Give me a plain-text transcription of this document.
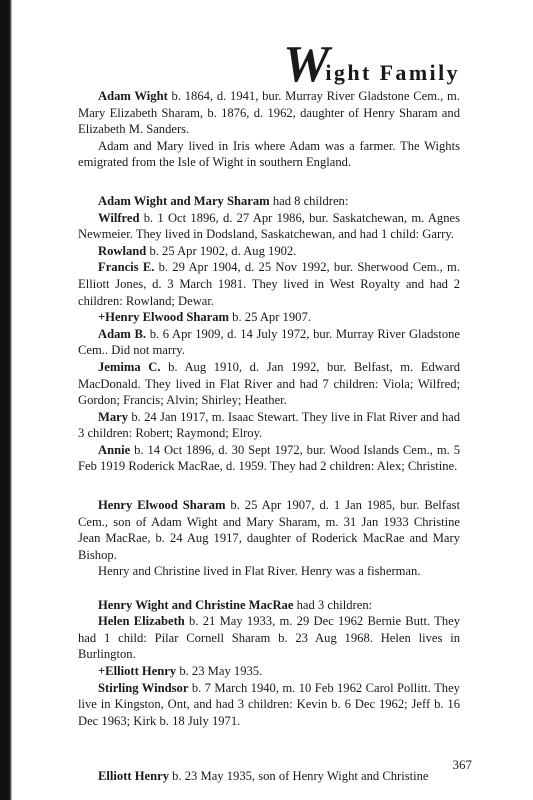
Wight Family

Adam Wight b. 1864, d. 1941, bur. Murray River Gladstone Cem., m. Mary Elizabeth Sharam, b. 1876, d. 1962, daughter of Henry Sharam and Elizabeth M. Sanders.

Adam and Mary lived in Iris where Adam was a farmer. The Wights emigrated from the Isle of Wight in southern England.

Adam Wight and Mary Sharam had 8 children:

Wilfred b. 1 Oct 1896, d. 27 Apr 1986, bur. Saskatchewan, m. Agnes Newmeier. They lived in Dodsland, Saskatchewan, and had 1 child: Garry.

Rowland b. 25 Apr 1902, d. Aug 1902.

Francis E. b. 29 Apr 1904, d. 25 Nov 1992, bur. Sherwood Cem., m. Elliott Jones, d. 3 March 1981. They lived in West Royalty and had 2 children: Rowland; Dewar.

+Henry Elwood Sharam b. 25 Apr 1907.

Adam B. b. 6 Apr 1909, d. 14 July 1972, bur. Murray River Gladstone Cem.. Did not marry.

Jemima C. b. Aug 1910, d. Jan 1992, bur. Belfast, m. Edward MacDonald. They lived in Flat River and had 7 children: Viola; Wilfred; Gordon; Francis; Alvin; Shirley; Heather.

Mary b. 24 Jan 1917, m. Isaac Stewart. They live in Flat River and had 3 children: Robert; Raymond; Elroy.

Annie b. 14 Oct 1896, d. 30 Sept 1972, bur. Wood Islands Cem., m. 5 Feb 1919 Roderick MacRae, d. 1959. They had 2 children: Alex; Christine.

Henry Elwood Sharam b. 25 Apr 1907, d. 1 Jan 1985, bur. Belfast Cem., son of Adam Wight and Mary Sharam, m. 31 Jan 1933 Christine Jean MacRae, b. 24 Aug 1917, daughter of Roderick MacRae and Mary Bishop.

Henry and Christine lived in Flat River. Henry was a fisherman.

Henry Wight and Christine MacRae had 3 children:

Helen Elizabeth b. 21 May 1933, m. 29 Dec 1962 Bernie Butt. They had 1 child: Pilar Cornell Sharam b. 23 Aug 1968. Helen lives in Burlington.

+Elliott Henry b. 23 May 1935.

Stirling Windsor b. 7 March 1940, m. 10 Feb 1962 Carol Pollitt. They live in Kingston, Ont, and had 3 children: Kevin b. 6 Dec 1962; Jeff b. 16 Dec 1963; Kirk b. 18 July 1971.

Elliott Henry b. 23 May 1935, son of Henry Wight and Christine

367
